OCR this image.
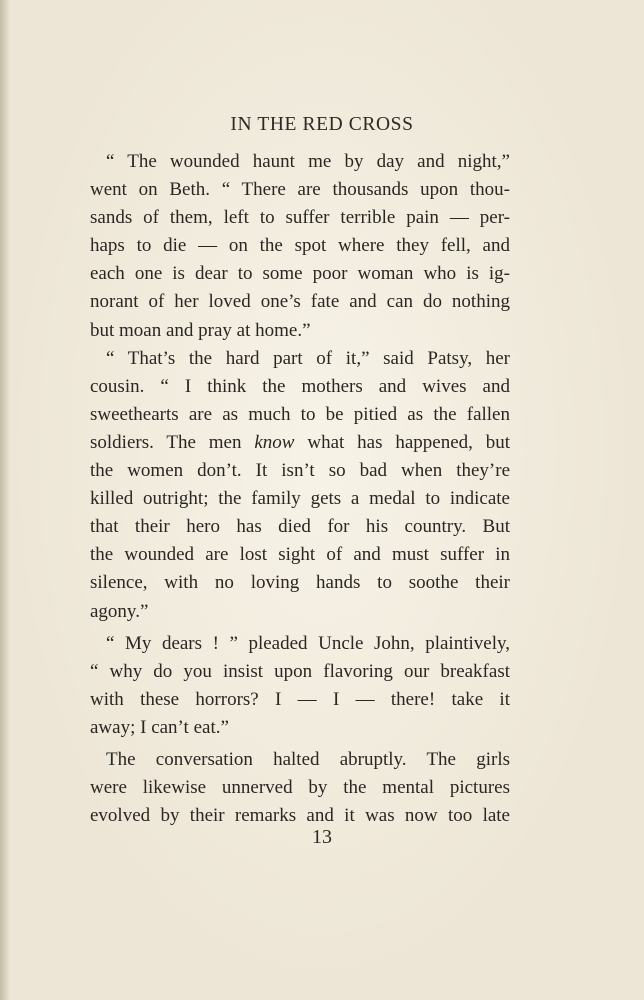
IN THE RED CROSS
“ The wounded haunt me by day and night,”
went on Beth. “ There are thousands upon thou-
sands of them, left to suffer terrible pain — per-
haps to die — on the spot where they fell, and
each one is dear to some poor woman who is ig-
norant of her loved one’s fate and can do nothing
but moan and pray at home.”
“ That’s the hard part of it,” said Patsy, her
cousin. “ I think the mothers and wives and
sweethearts are as much to be pitied as the fallen
soldiers. The men know what has happened, but
the women don’t. It isn’t so bad when they’re
killed outright; the family gets a medal to indicate
that their hero has died for his country. But
the wounded are lost sight of and must suffer in
silence, with no loving hands to soothe their
agony.”
“ My dears ! ” pleaded Uncle John, plaintively,
“ why do you insist upon flavoring our breakfast
with these horrors? I — I — there! take it
away; I can’t eat.”
The conversation halted abruptly. The girls
were likewise unnerved by the mental pictures
evolved by their remarks and it was now too late
13
